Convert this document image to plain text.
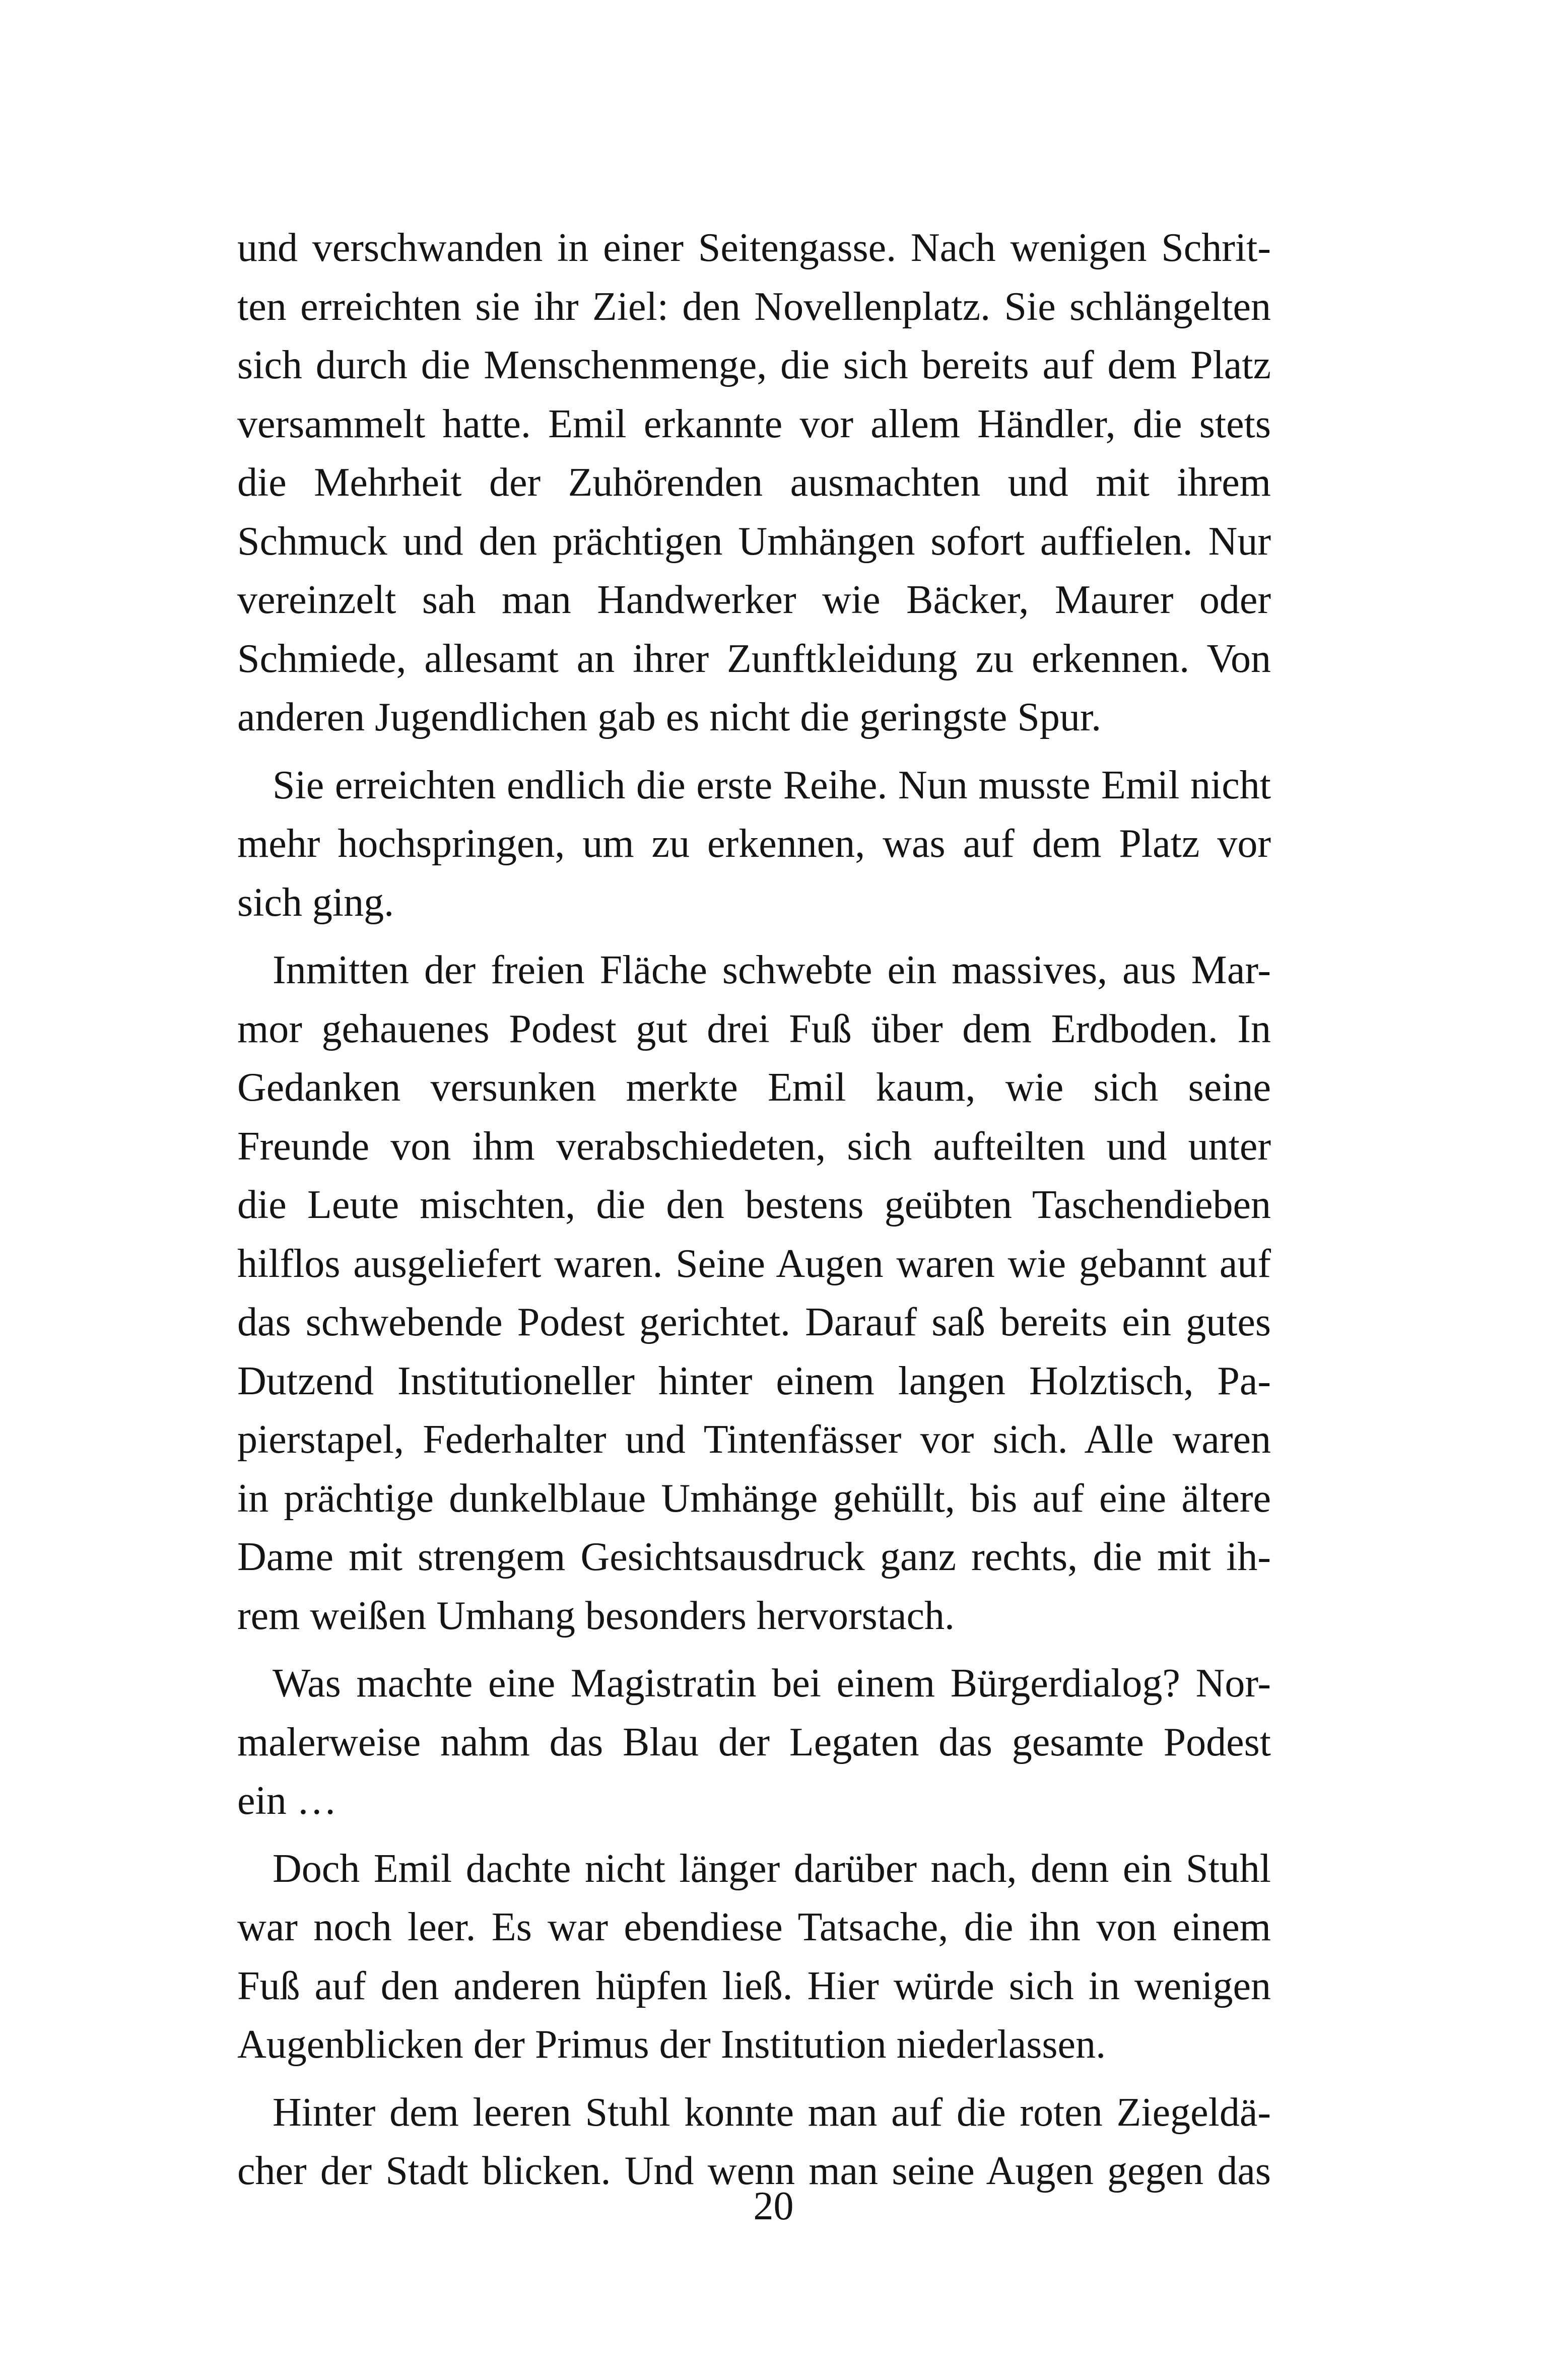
und verschwanden in einer Seitengasse. Nach wenigen Schrit-
ten erreichten sie ihr Ziel: den Novellenplatz. Sie schlängelten
sich durch die Menschenmenge, die sich bereits auf dem Platz
versammelt hatte. Emil erkannte vor allem Händler, die stets
die Mehrheit der Zuhörenden ausmachten und mit ihrem
Schmuck und den prächtigen Umhängen sofort auffielen. Nur
vereinzelt sah man Handwerker wie Bäcker, Maurer oder
Schmiede, allesamt an ihrer Zunftkleidung zu erkennen. Von
anderen Jugendlichen gab es nicht die geringste Spur.
Sie erreichten endlich die erste Reihe. Nun musste Emil nicht
mehr hochspringen, um zu erkennen, was auf dem Platz vor
sich ging.
Inmitten der freien Fläche schwebte ein massives, aus Mar-
mor gehauenes Podest gut drei Fuß über dem Erdboden. In
Gedanken versunken merkte Emil kaum, wie sich seine
Freunde von ihm verabschiedeten, sich aufteilten und unter
die Leute mischten, die den bestens geübten Taschendieben
hilflos ausgeliefert waren. Seine Augen waren wie gebannt auf
das schwebende Podest gerichtet. Darauf saß bereits ein gutes
Dutzend Institutioneller hinter einem langen Holztisch, Pa-
pierstapel, Federhalter und Tintenfässer vor sich. Alle waren
in prächtige dunkelblaue Umhänge gehüllt, bis auf eine ältere
Dame mit strengem Gesichtsausdruck ganz rechts, die mit ih-
rem weißen Umhang besonders hervorstach.
Was machte eine Magistratin bei einem Bürgerdialog? Nor-
malerweise nahm das Blau der Legaten das gesamte Podest
ein …
Doch Emil dachte nicht länger darüber nach, denn ein Stuhl
war noch leer. Es war ebendiese Tatsache, die ihn von einem
Fuß auf den anderen hüpfen ließ. Hier würde sich in wenigen
Augenblicken der Primus der Institution niederlassen.
Hinter dem leeren Stuhl konnte man auf die roten Ziegeldä-
cher der Stadt blicken. Und wenn man seine Augen gegen das
20
